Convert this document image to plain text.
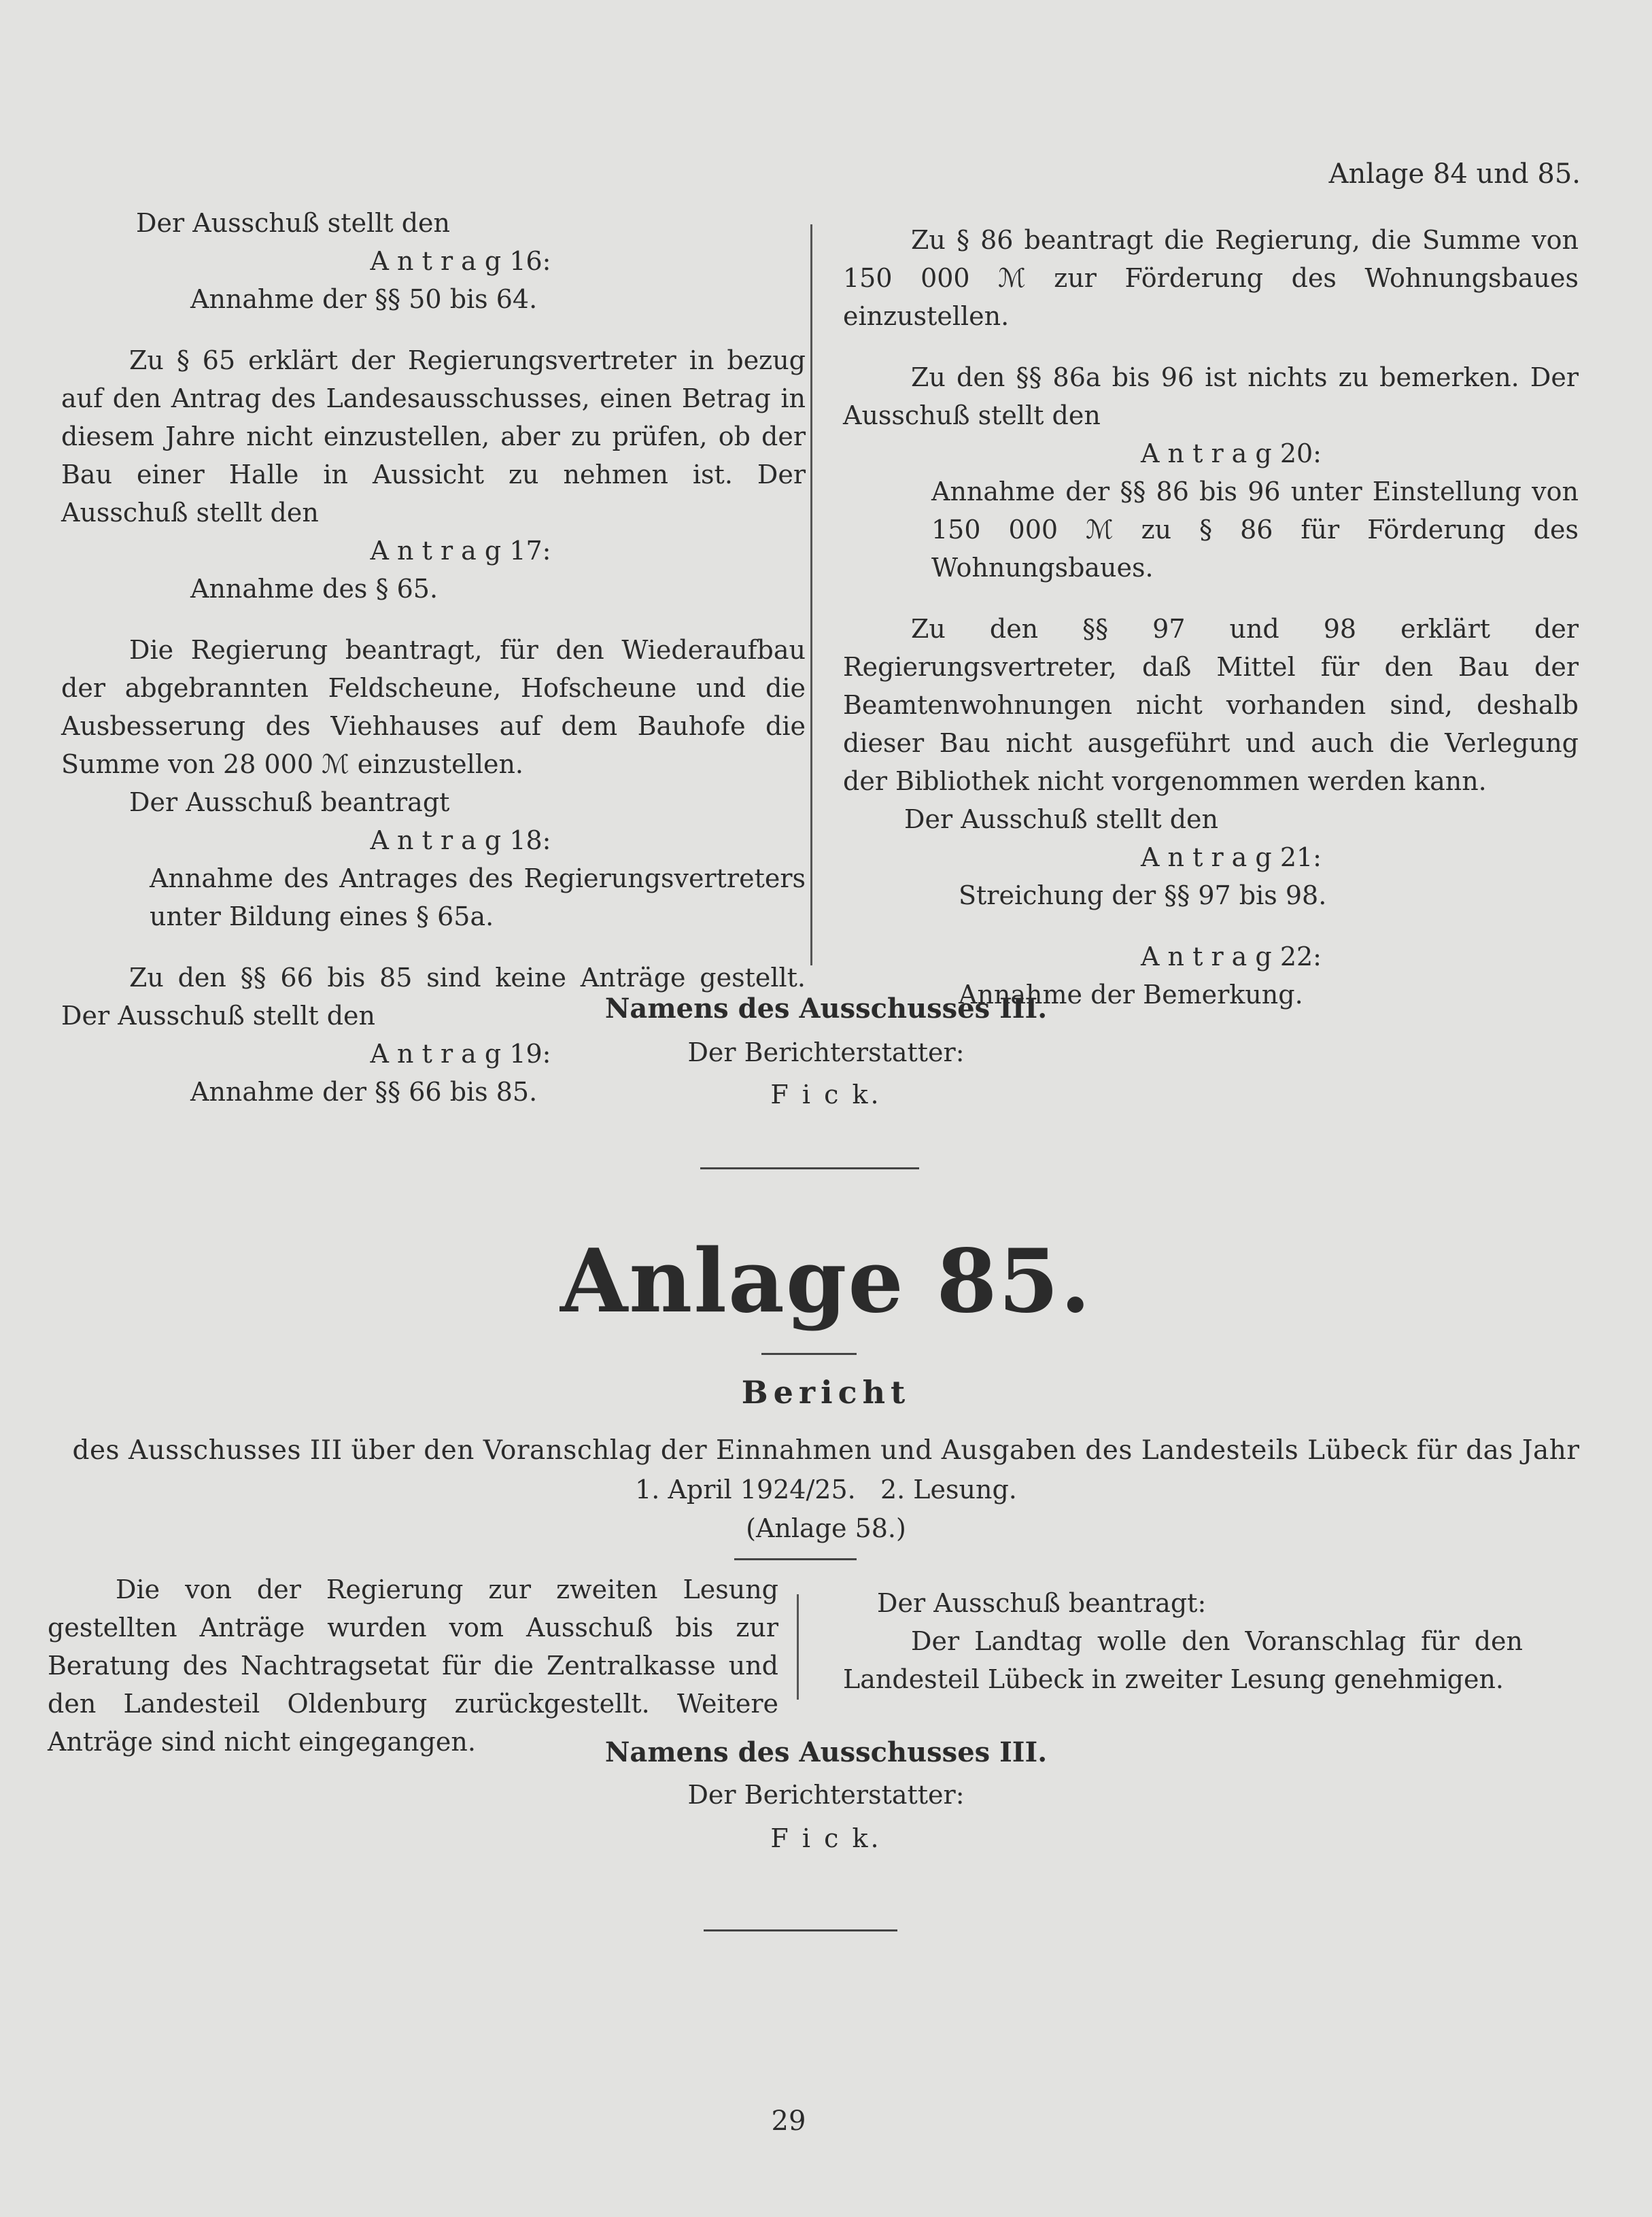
Anlage 84 und 85.

Der Ausschuß stellt den

A n t r a g 16:

Annahme der §§ 50 bis 64.

Zu § 65 erklärt der Regierungsvertreter in bezug auf den Antrag des Landesausschusses, einen Betrag in diesem Jahre nicht einzustellen, aber zu prüfen, ob der Bau einer Halle in Aussicht zu nehmen ist. Der Ausschuß stellt den

A n t r a g 17:

Annahme des § 65.

Die Regierung beantragt, für den Wiederaufbau der abgebrannten Feldscheune, Hofscheune und die Ausbesserung des Viehhauses auf dem Bauhofe die Summe von 28 000 ℳ einzustellen.

Der Ausschuß beantragt

A n t r a g 18:

Annahme des Antrages des Regierungsvertreters unter Bildung eines § 65a.

Zu den §§ 66 bis 85 sind keine Anträge gestellt. Der Ausschuß stellt den

A n t r a g 19:

Annahme der §§ 66 bis 85.

Zu § 86 beantragt die Regierung, die Summe von 150 000 ℳ zur Förderung des Wohnungsbaues einzustellen.

Zu den §§ 86a bis 96 ist nichts zu bemerken. Der Ausschuß stellt den

A n t r a g 20:

Annahme der §§ 86 bis 96 unter Einstellung von 150 000 ℳ zu § 86 für Förderung des Wohnungsbaues.

Zu den §§ 97 und 98 erklärt der Regierungsvertreter, daß Mittel für den Bau der Beamtenwohnungen nicht vorhanden sind, deshalb dieser Bau nicht ausgeführt und auch die Verlegung der Bibliothek nicht vorgenommen werden kann.

Der Ausschuß stellt den

A n t r a g 21:

Streichung der §§ 97 bis 98.

A n t r a g 22:

Annahme der Bemerkung.

Namens des Ausschusses III.
Der Berichterstatter:
F i c k.
Anlage 85.
Bericht
des Ausschusses III über den Voranschlag der Einnahmen und Ausgaben des Landesteils Lübeck für das Jahr
1. April 1924/25.   2. Lesung.
(Anlage 58.)

Die von der Regierung zur zweiten Lesung gestellten Anträge wurden vom Ausschuß bis zur Beratung des Nachtragsetat für die Zentralkasse und den Landesteil Oldenburg zurückgestellt. Weitere Anträge sind nicht eingegangen.

Der Ausschuß beantragt:

Der Landtag wolle den Voranschlag für den Landesteil Lübeck in zweiter Lesung genehmigen.

Namens des Ausschusses III.
Der Berichterstatter:
F i c k.
29
